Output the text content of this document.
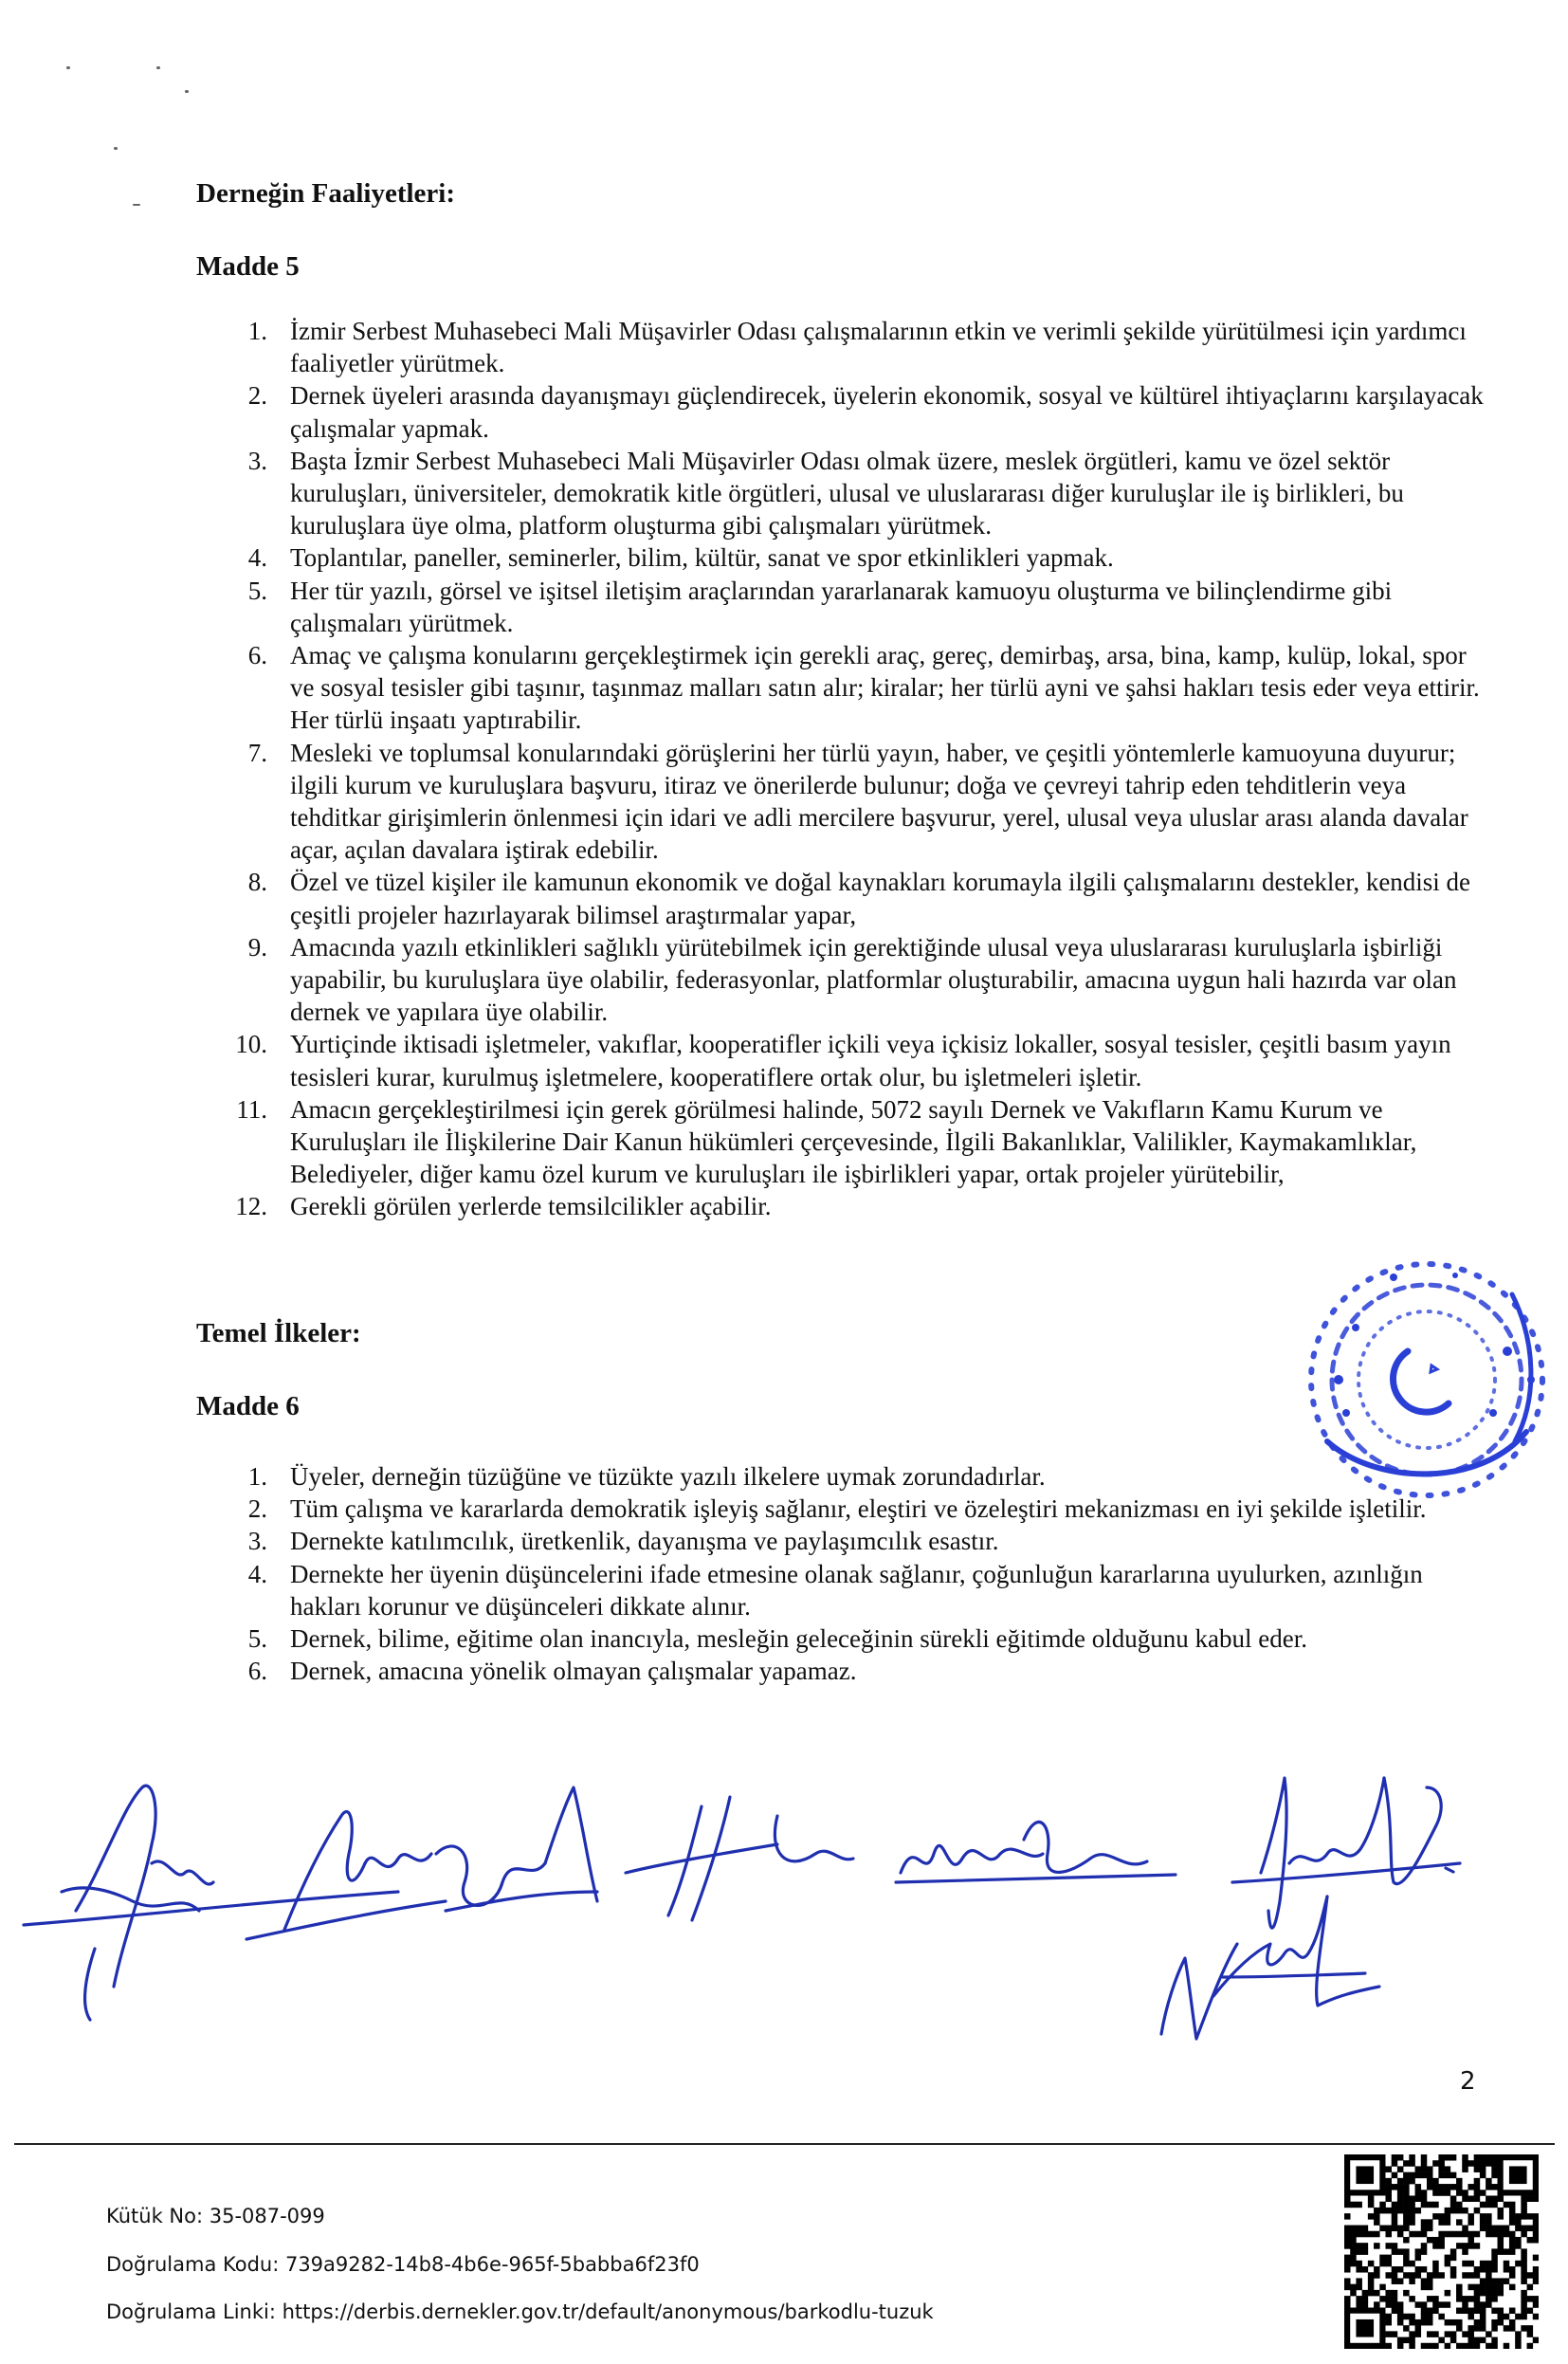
Derneğin Faaliyetleri:
Madde 5
1. İzmir Serbest Muhasebeci Mali Müşavirler Odası çalışmalarının etkin ve verimli şekilde yürütülmesi için yardımcı faaliyetler yürütmek.
2. Dernek üyeleri arasında dayanışmayı güçlendirecek, üyelerin ekonomik, sosyal ve kültürel ihtiyaçlarını karşılayacak çalışmalar yapmak.
3. Başta İzmir Serbest Muhasebeci Mali Müşavirler Odası olmak üzere, meslek örgütleri, kamu ve özel sektör kuruluşları, üniversiteler, demokratik kitle örgütleri, ulusal ve uluslararası diğer kuruluşlar ile iş birlikleri, bu kuruluşlara üye olma, platform oluşturma gibi çalışmaları yürütmek.
4. Toplantılar, paneller, seminerler, bilim, kültür, sanat ve spor etkinlikleri yapmak.
5. Her tür yazılı, görsel ve işitsel iletişim araçlarından yararlanarak kamuoyu oluşturma ve bilinçlendirme gibi çalışmaları yürütmek.
6. Amaç ve çalışma konularını gerçekleştirmek için gerekli araç, gereç, demirbaş, arsa, bina, kamp, kulüp, lokal, spor ve sosyal tesisler gibi taşınır, taşınmaz malları satın alır; kiralar; her türlü ayni ve şahsi hakları tesis eder veya ettirir. Her türlü inşaatı yaptırabilir.
7. Mesleki ve toplumsal konularındaki görüşlerini her türlü yayın, haber, ve çeşitli yöntemlerle kamuoyuna duyurur; ilgili kurum ve kuruluşlara başvuru, itiraz ve önerilerde bulunur; doğa ve çevreyi tahrip eden tehditlerin veya tehditkar girişimlerin önlenmesi için idari ve adli mercilere başvurur, yerel, ulusal veya uluslar arası alanda davalar açar, açılan davalara iştirak edebilir.
8. Özel ve tüzel kişiler ile kamunun ekonomik ve doğal kaynakları korumayla ilgili çalışmalarını destekler, kendisi de çeşitli projeler hazırlayarak bilimsel araştırmalar yapar,
9. Amacında yazılı etkinlikleri sağlıklı yürütebilmek için gerektiğinde ulusal veya uluslararası kuruluşlarla işbirliği yapabilir, bu kuruluşlara üye olabilir, federasyonlar, platformlar oluşturabilir, amacına uygun hali hazırda var olan dernek ve yapılara üye olabilir.
10. Yurtiçinde iktisadi işletmeler, vakıflar, kooperatifler içkili veya içkisiz lokaller, sosyal tesisler, çeşitli basım yayın tesisleri kurar, kurulmuş işletmelere, kooperatiflere ortak olur, bu işletmeleri işletir.
11. Amacın gerçekleştirilmesi için gerek görülmesi halinde, 5072 sayılı Dernek ve Vakıfların Kamu Kurum ve Kuruluşları ile İlişkilerine Dair Kanun hükümleri çerçevesinde, İlgili Bakanlıklar, Valilikler, Kaymakamlıklar, Belediyeler, diğer kamu özel kurum ve kuruluşları ile işbirlikleri yapar, ortak projeler yürütebilir,
12. Gerekli görülen yerlerde temsilcilikler açabilir.
Temel İlkeler:
Madde 6
1. Üyeler, derneğin tüzüğüne ve tüzükte yazılı ilkelere uymak zorundadırlar.
2. Tüm çalışma ve kararlarda demokratik işleyiş sağlanır, eleştiri ve özeleştiri mekanizması en iyi şekilde işletilir.
3. Dernekte katılımcılık, üretkenlik, dayanışma ve paylaşımcılık esastır.
4. Dernekte her üyenin düşüncelerini ifade etmesine olanak sağlanır, çoğunluğun kararlarına uyulurken, azınlığın hakları korunur ve düşünceleri dikkate alınır.
5. Dernek, bilime, eğitime olan inancıyla, mesleğin geleceğinin sürekli eğitimde olduğunu kabul eder.
6. Dernek, amacına yönelik olmayan çalışmalar yapamaz.
2
Kütük No: 35-087-099
Doğrulama Kodu: 739a9282-14b8-4b6e-965f-5babba6f23f0
Doğrulama Linki: https://derbis.dernekler.gov.tr/default/anonymous/barkodlu-tuzuk
